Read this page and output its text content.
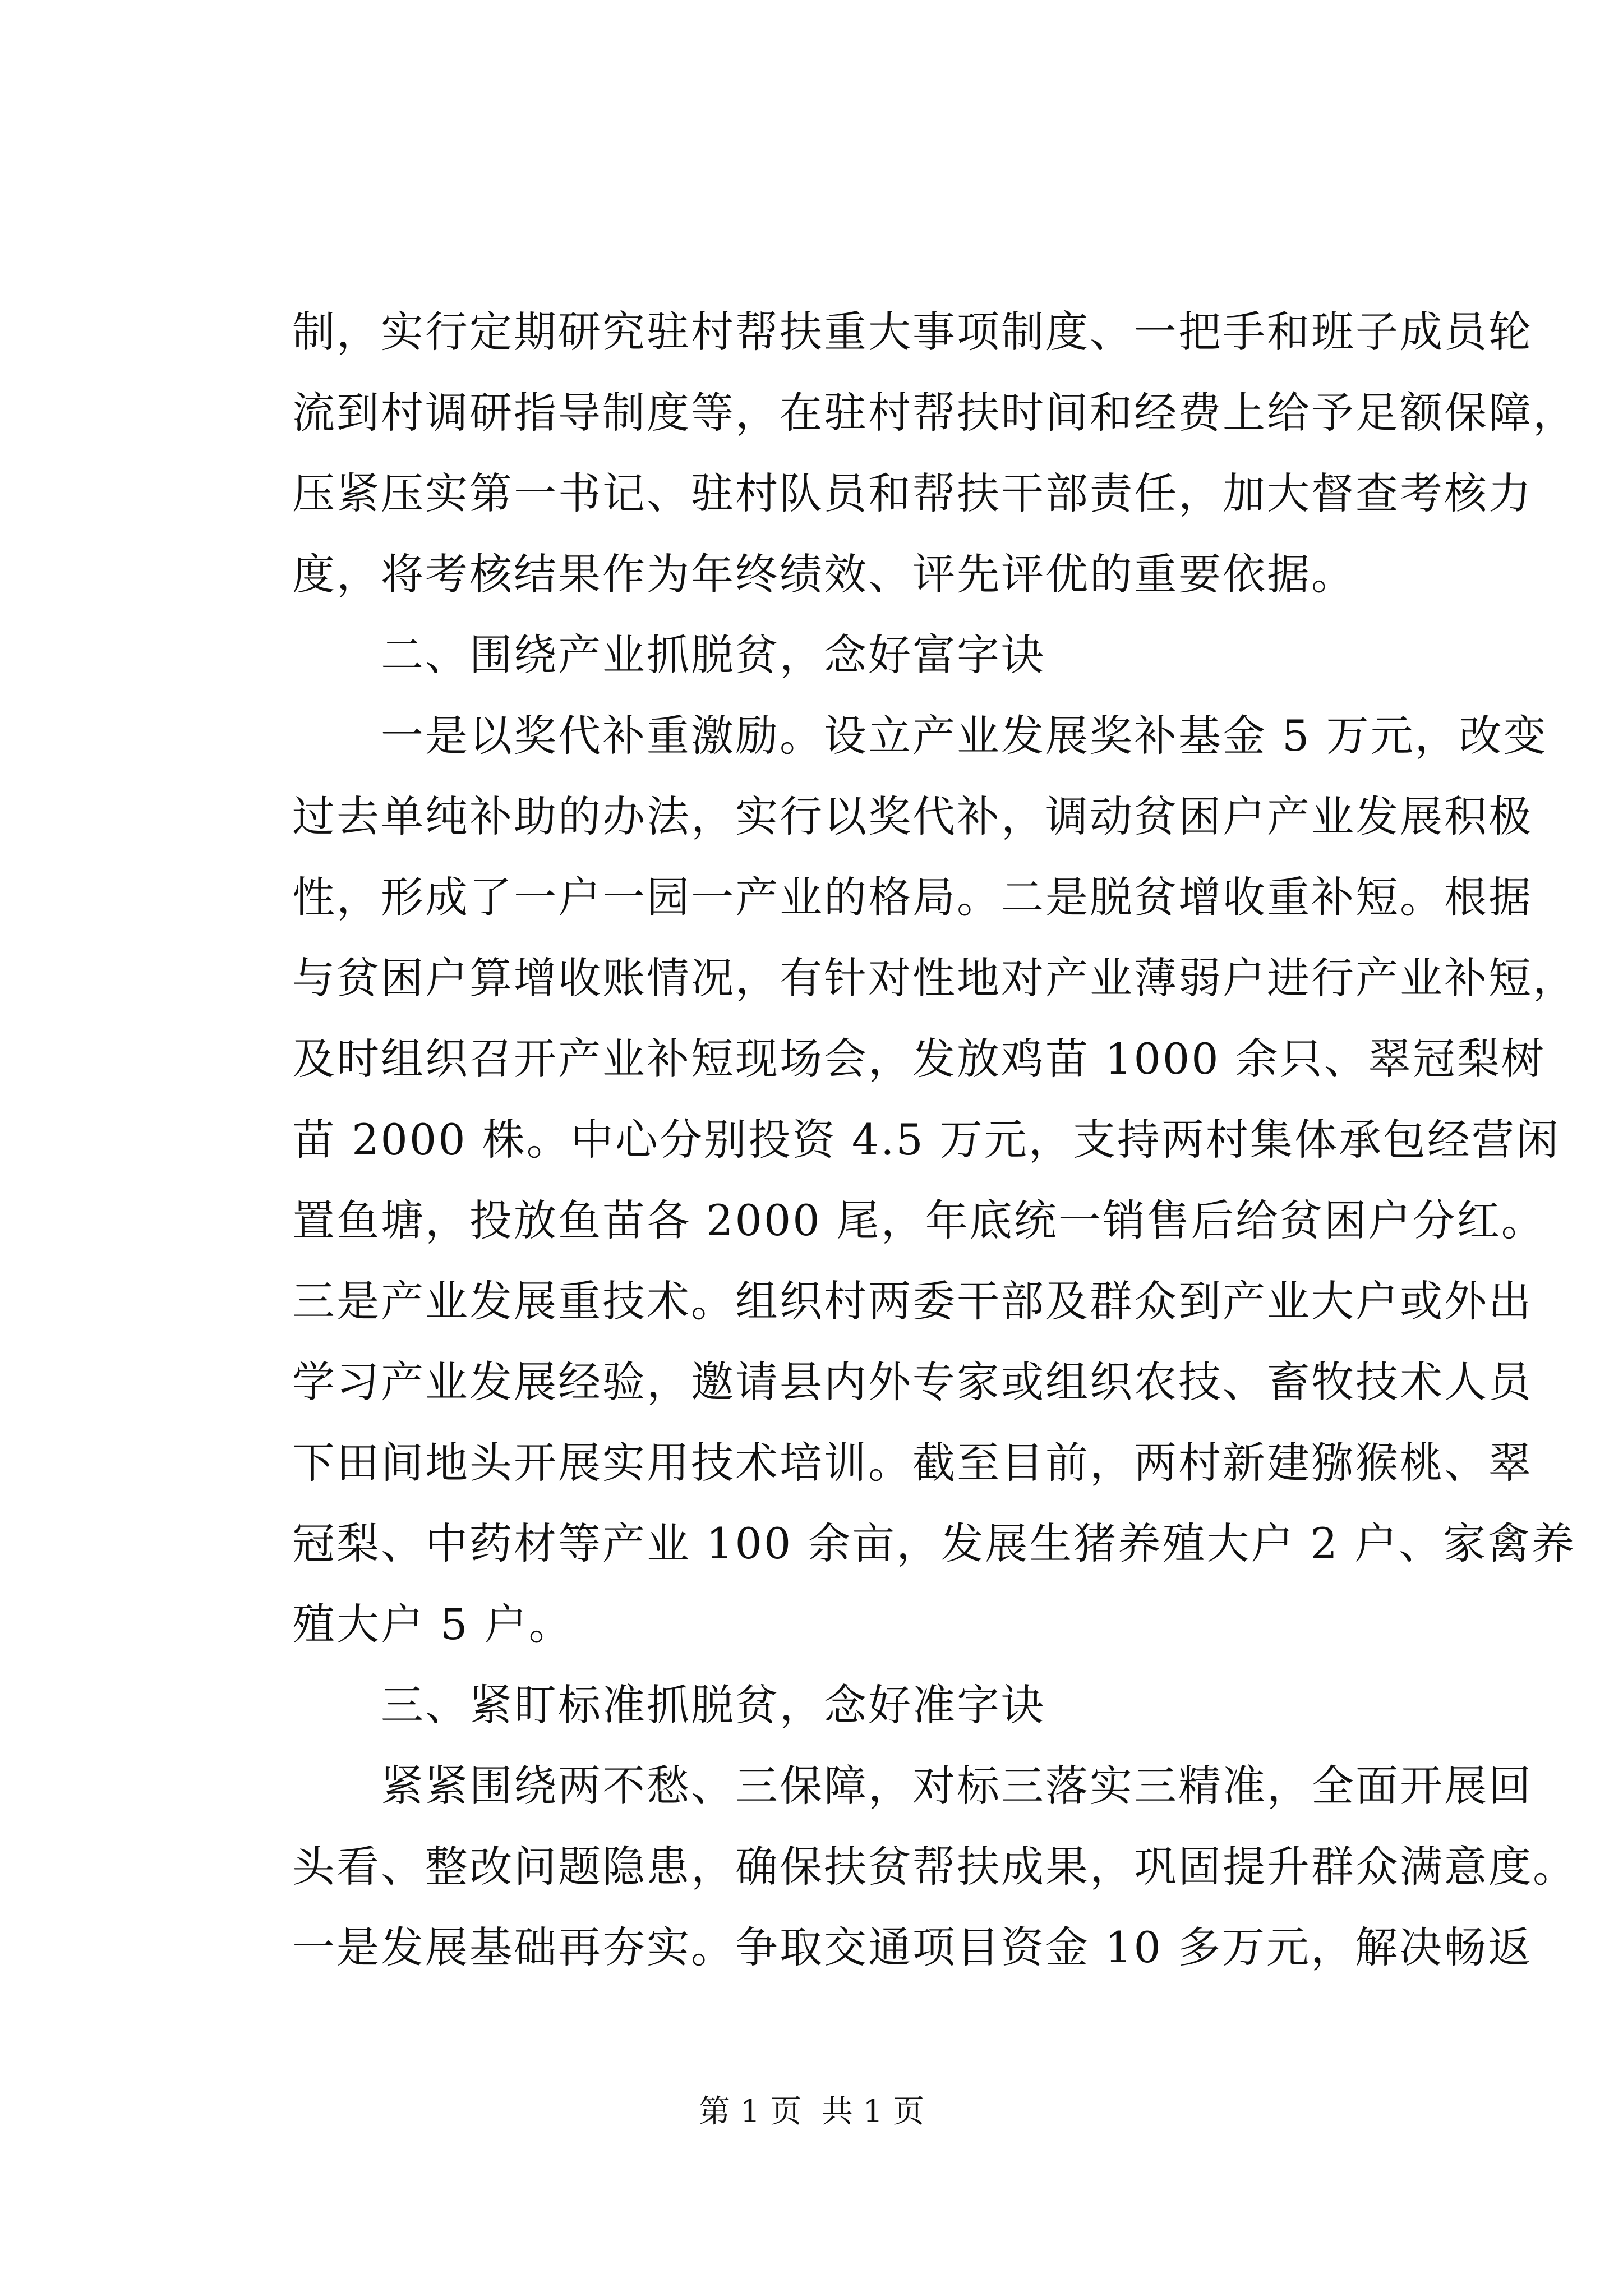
制，实行定期研究驻村帮扶重大事项制度、一把手和班子成员轮
流到村调研指导制度等，在驻村帮扶时间和经费上给予足额保障，
压紧压实第一书记、驻村队员和帮扶干部责任，加大督查考核力
度，将考核结果作为年终绩效、评先评优的重要依据。
二、围绕产业抓脱贫，念好富字诀
一是以奖代补重激励。设立产业发展奖补基金 5 万元，改变
过去单纯补助的办法，实行以奖代补，调动贫困户产业发展积极
性，形成了一户一园一产业的格局。二是脱贫增收重补短。根据
与贫困户算增收账情况，有针对性地对产业薄弱户进行产业补短，
及时组织召开产业补短现场会，发放鸡苗 1000 余只、翠冠梨树
苗 2000 株。中心分别投资 4.5 万元，支持两村集体承包经营闲
置鱼塘，投放鱼苗各 2000 尾，年底统一销售后给贫困户分红。
三是产业发展重技术。组织村两委干部及群众到产业大户或外出
学习产业发展经验，邀请县内外专家或组织农技、畜牧技术人员
下田间地头开展实用技术培训。截至目前，两村新建猕猴桃、翠
冠梨、中药材等产业 100 余亩，发展生猪养殖大户 2 户、家禽养
殖大户 5 户。
三、紧盯标准抓脱贫，念好准字诀
紧紧围绕两不愁、三保障，对标三落实三精准，全面开展回
头看、整改问题隐患，确保扶贫帮扶成果，巩固提升群众满意度。
一是发展基础再夯实。争取交通项目资金 10 多万元，解决畅返
第 1 页  共 1 页
